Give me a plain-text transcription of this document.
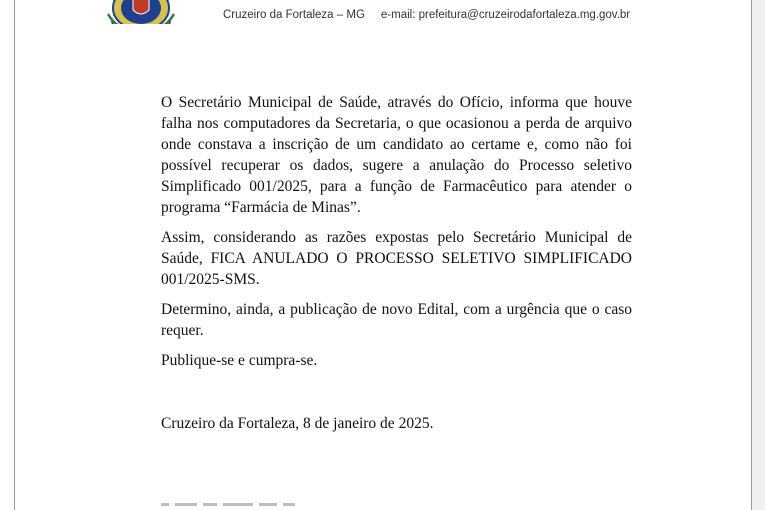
Cruzeiro da Fortaleza – MG e-mail: prefeitura@cruzeirodafortaleza.mg.gov.br

O Secretário Municipal de Saúde, através do Ofício, informa que houve falha nos computadores da Secretaria, o que ocasionou a perda de arquivo onde constava a inscrição de um candidato ao certame e, como não foi possível recuperar os dados, sugere a anulação do Processo seletivo Simplificado 001/2025, para a função de Farmacêutico para atender o programa “Farmácia de Minas”.

Assim, considerando as razões expostas pelo Secretário Municipal de Saúde, FICA ANULADO O PROCESSO SELETIVO SIMPLIFICADO 001/2025-SMS.

Determino, ainda, a publicação de novo Edital, com a urgência que o caso requer.

Publique-se e cumpra-se.

Cruzeiro da Fortaleza, 8 de janeiro de 2025.
